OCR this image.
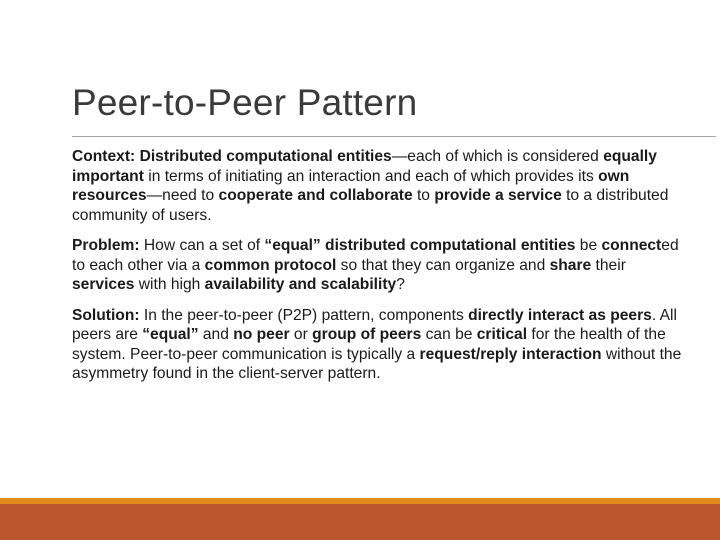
Peer-to-Peer Pattern

Context: Distributed computational entities—each of which is considered equally important in terms of initiating an interaction and each of which provides its own resources—need to cooperate and collaborate to provide a service to a distributed community of users.

Problem: How can a set of “equal” distributed computational entities be connected to each other via a common protocol so that they can organize and share their services with high availability and scalability?

Solution: In the peer-to-peer (P2P) pattern, components directly interact as peers. All peers are “equal” and no peer or group of peers can be critical for the health of the system. Peer-to-peer communication is typically a request/reply interaction without the asymmetry found in the client-server pattern.
